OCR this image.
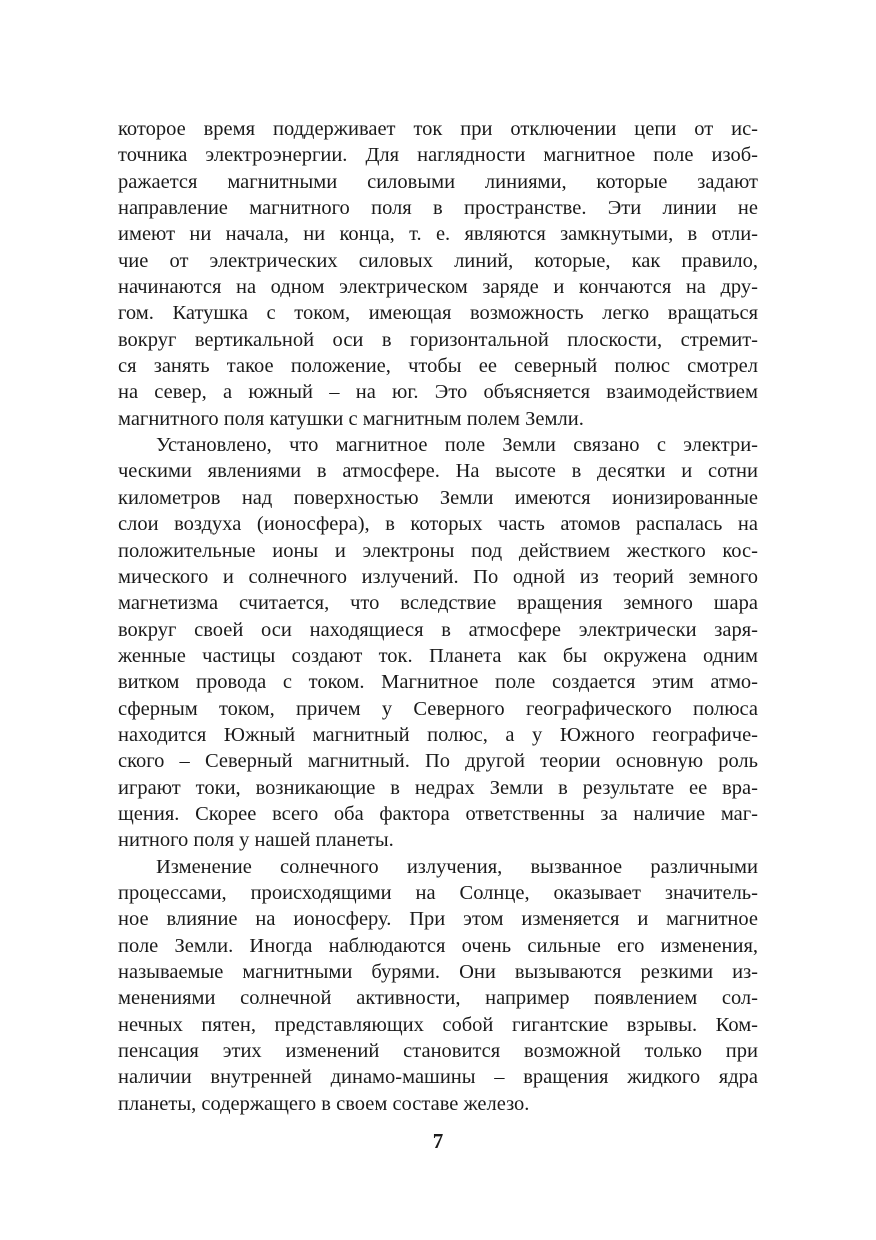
которое время поддерживает ток при отключении цепи от ис-
точника электроэнергии. Для наглядности магнитное поле изоб-
ражается магнитными силовыми линиями, которые задают
направление магнитного поля в пространстве. Эти линии не
имеют ни начала, ни конца, т. е. являются замкнутыми, в отли-
чие от электрических силовых линий, которые, как правило,
начинаются на одном электрическом заряде и кончаются на дру-
гом. Катушка с током, имеющая возможность легко вращаться
вокруг вертикальной оси в горизонтальной плоскости, стремит-
ся занять такое положение, чтобы ее северный полюс смотрел
на север, а южный – на юг. Это объясняется взаимодействием
магнитного поля катушки с магнитным полем Земли.
Установлено, что магнитное поле Земли связано с электри-
ческими явлениями в атмосфере. На высоте в десятки и сотни
километров над поверхностью Земли имеются ионизированные
слои воздуха (ионосфера), в которых часть атомов распалась на
положительные ионы и электроны под действием жесткого кос-
мического и солнечного излучений. По одной из теорий земного
магнетизма считается, что вследствие вращения земного шара
вокруг своей оси находящиеся в атмосфере электрически заря-
женные частицы создают ток. Планета как бы окружена одним
витком провода с током. Магнитное поле создается этим атмо-
сферным током, причем у Северного географического полюса
находится Южный магнитный полюс, а у Южного географиче-
ского – Северный магнитный. По другой теории основную роль
играют токи, возникающие в недрах Земли в результате ее вра-
щения. Скорее всего оба фактора ответственны за наличие маг-
нитного поля у нашей планеты.
Изменение солнечного излучения, вызванное различными
процессами, происходящими на Солнце, оказывает значитель-
ное влияние на ионосферу. При этом изменяется и магнитное
поле Земли. Иногда наблюдаются очень сильные его изменения,
называемые магнитными бурями. Они вызываются резкими из-
менениями солнечной активности, например появлением сол-
нечных пятен, представляющих собой гигантские взрывы. Ком-
пенсация этих изменений становится возможной только при
наличии внутренней динамо-машины – вращения жидкого ядра
планеты, содержащего в своем составе железо.
7
